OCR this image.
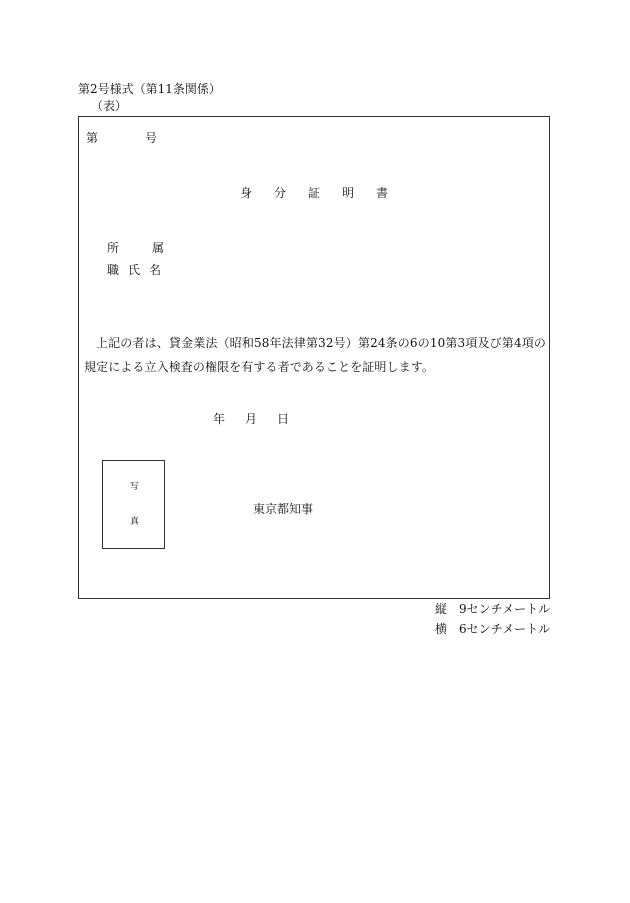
第2号様式（第11条関係）
（表）
第	号
身分証明書
所属
職氏名
上記の者は、貸金業法（昭和58年法律第32号）第24条の6の10第3項及び第4項の規定による立入検査の権限を有する者であることを証明します。
年月日
写
真
東京都知事
縦　9センチメートル
横　6センチメートル
